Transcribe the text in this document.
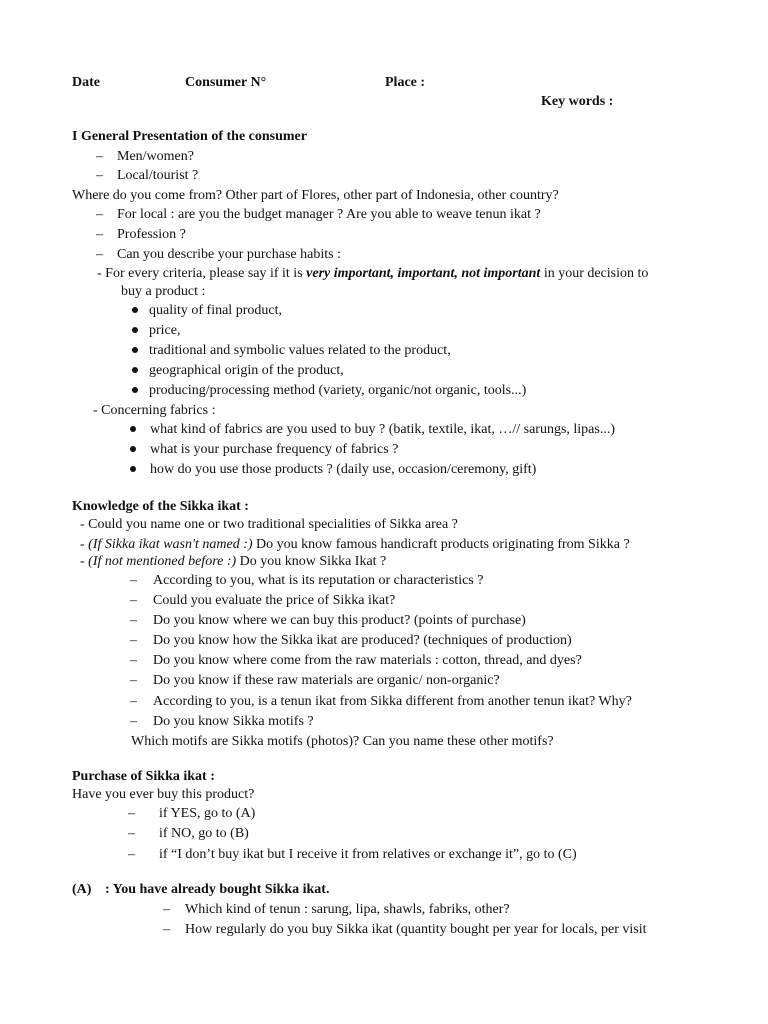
Date	Consumer N°	Place :
Key words :
I General Presentation of the consumer
– Men/women?
– Local/tourist ?
Where do you come from? Other part of Flores, other part of Indonesia, other country?
– For local : are you the budget manager ? Are you able to weave tenun ikat ?
– Profession ?
– Can you describe your purchase habits :
- For every criteria, please say if it is very important, important, not important in your decision to
buy a product :
quality of final product,
price,
traditional and symbolic values related to the product,
geographical origin of the product,
producing/processing method (variety, organic/not organic, tools...)
- Concerning fabrics :
what kind of fabrics are you used to buy ? (batik, textile, ikat, …// sarungs, lipas...)
what is your purchase frequency of fabrics ?
how do you use those products ? (daily use, occasion/ceremony, gift)
Knowledge of the Sikka ikat :
- Could you name one or two traditional specialities of Sikka area ?
- (If Sikka ikat wasn't named :) Do you know famous handicraft products originating from Sikka ?
- (If not mentioned before :) Do you know Sikka Ikat ?
– According to you, what is its reputation or characteristics ?
– Could you evaluate the price of Sikka ikat?
– Do you know where we can buy this product? (points of purchase)
– Do you know how the Sikka ikat are produced? (techniques of production)
– Do you know where come from the raw materials : cotton, thread, and dyes?
– Do you know if these raw materials are organic/ non-organic?
– According to you, is a tenun ikat from Sikka different from another tenun ikat? Why?
– Do you know Sikka motifs ?
Which motifs are Sikka motifs (photos)? Can you name these other motifs?
Purchase of Sikka ikat :
Have you ever buy this product?
– if YES, go to (A)
– if NO, go to (B)
– if “I don’t buy ikat but I receive it from relatives or exchange it”, go to (C)
(A) : You have already bought Sikka ikat.
– Which kind of tenun : sarung, lipa, shawls, fabriks, other?
– How regularly do you buy Sikka ikat (quantity bought per year for locals, per visit
